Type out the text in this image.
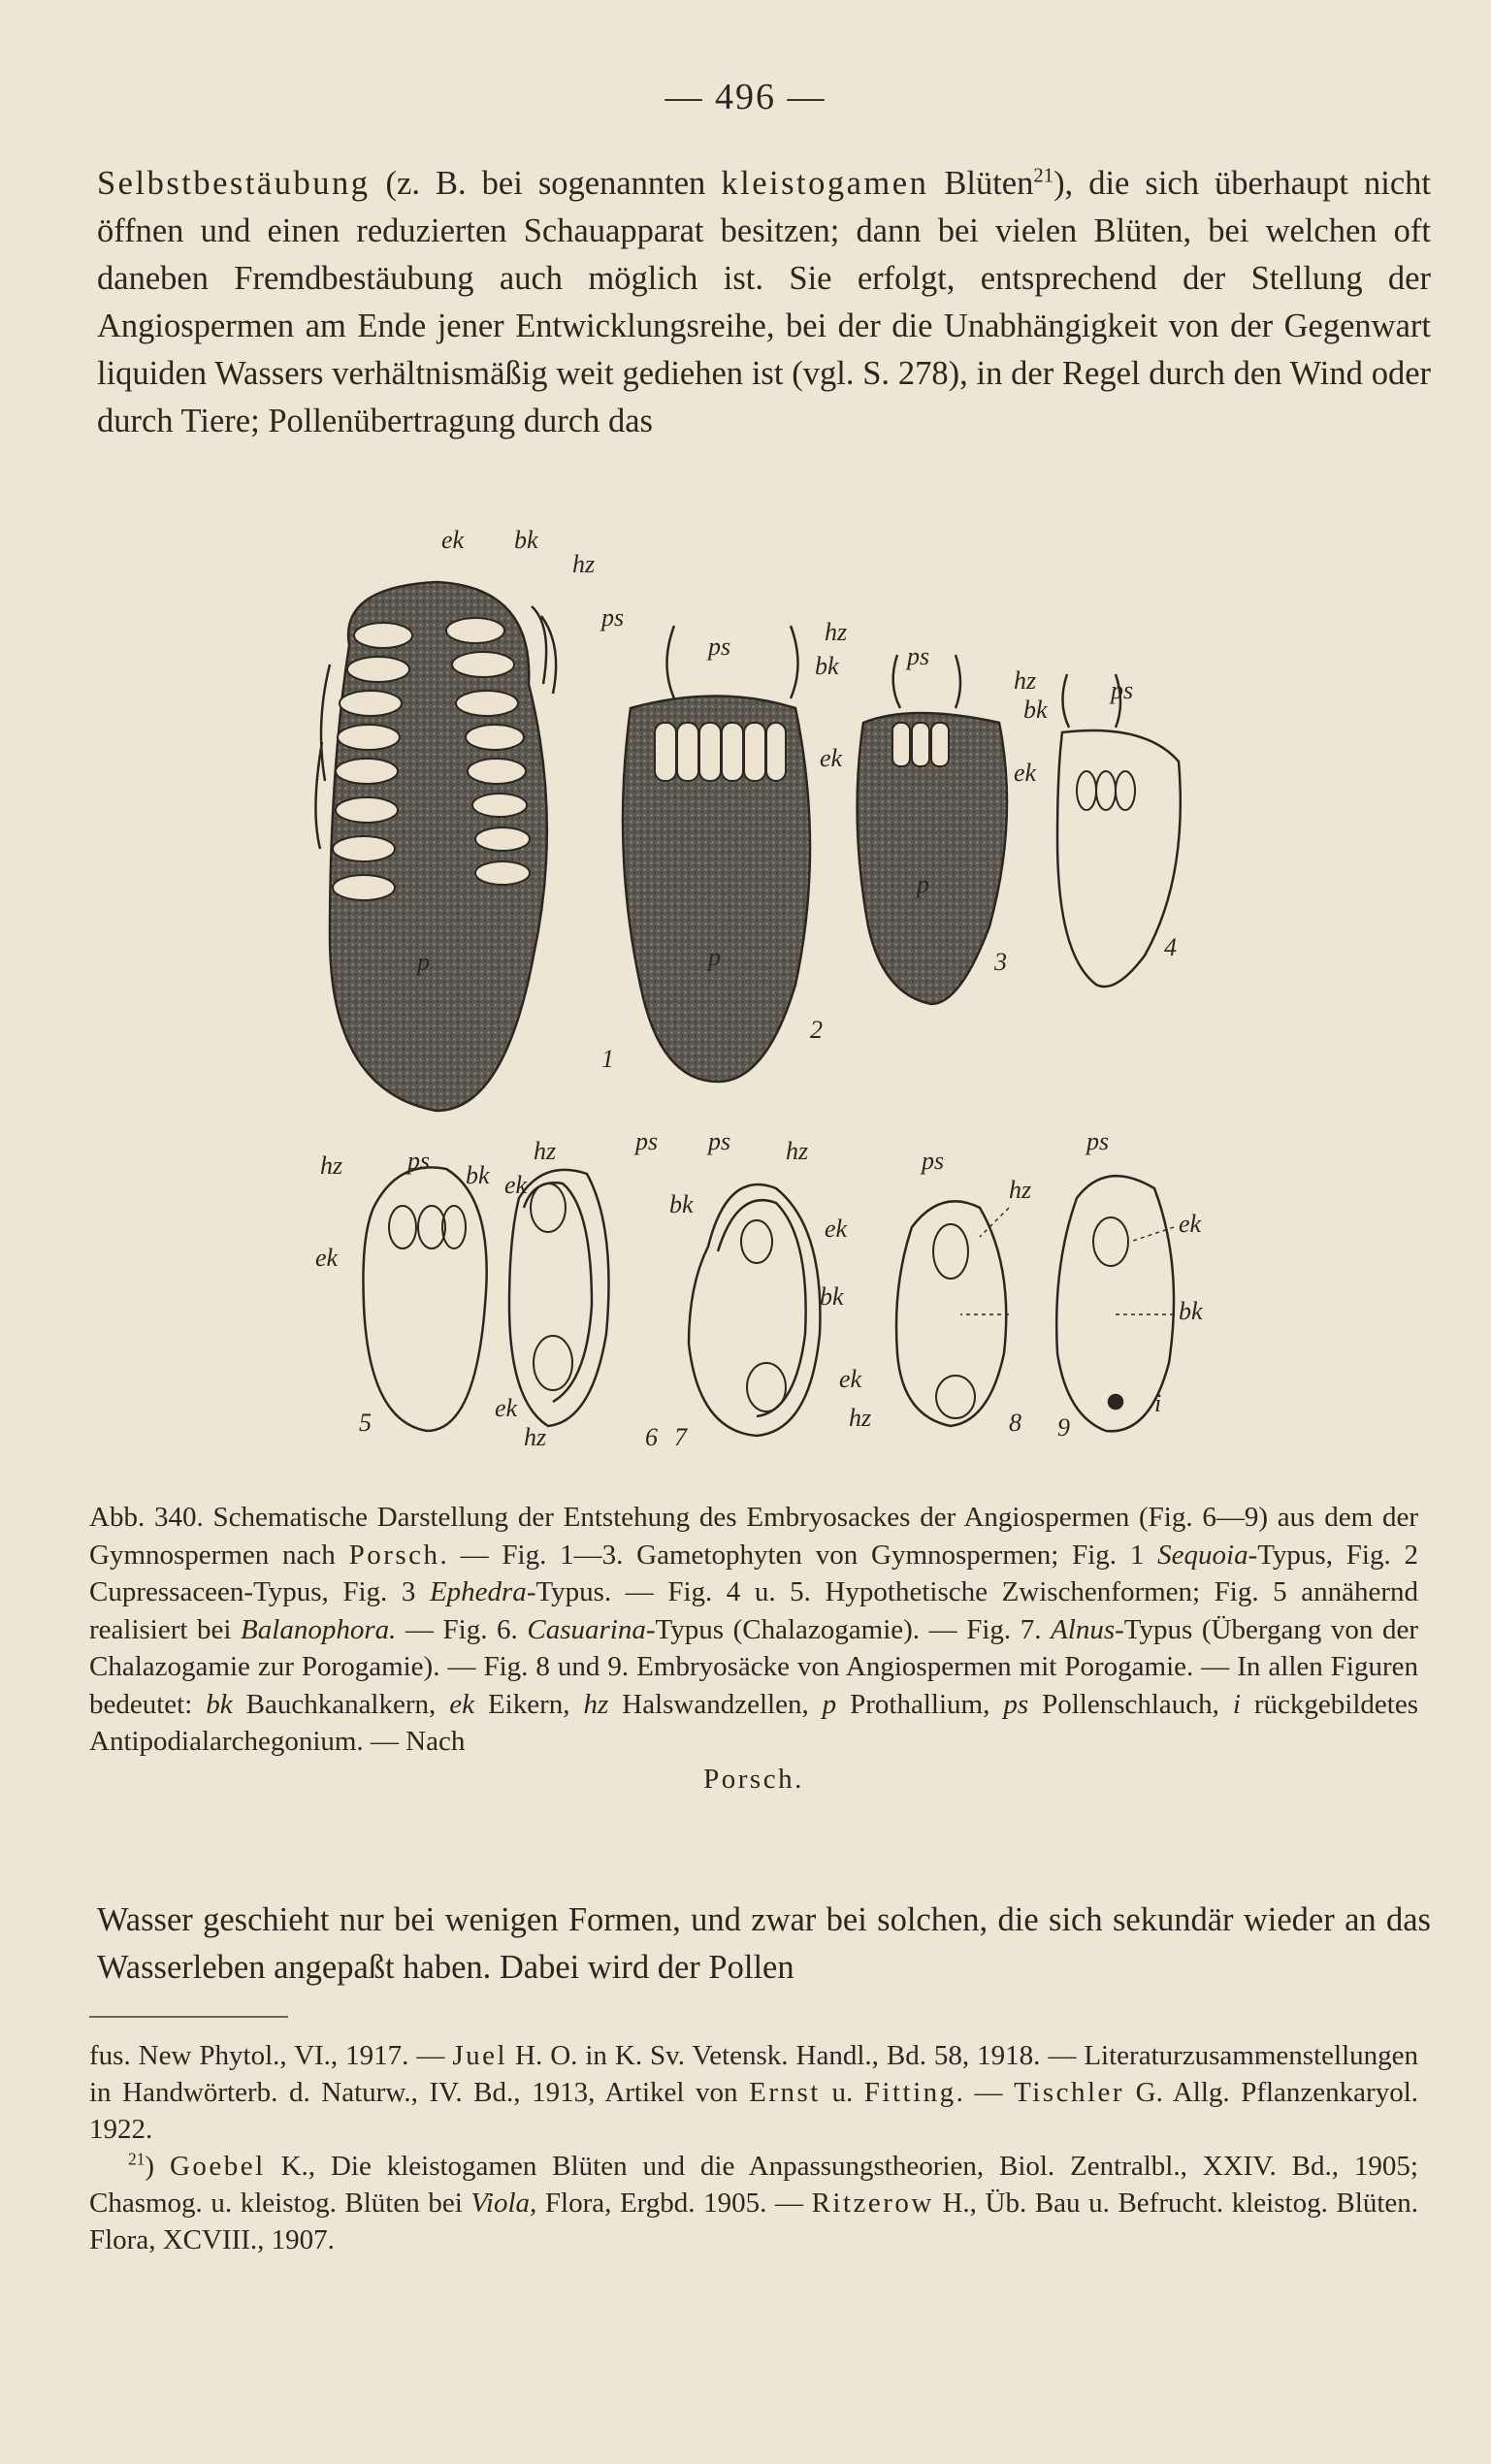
— 496 —

Selbstbestäubung (z. B. bei sogenannten kleistogamen Blüten$^{21}$), die sich überhaupt nicht öffnen und einen reduzierten Schauapparat besitzen; dann bei vielen Blüten, bei welchen oft daneben Fremdbestäubung auch möglich ist. Sie erfolgt, entsprechend der Stellung der Angiospermen am Ende jener Entwicklungsreihe, bei der die Unabhängigkeit von der Gegenwart liquiden Wassers verhältnismäßig weit gediehen ist (vgl. S. 278), in der Regel durch den Wind oder durch Tiere; Pollenübertragung durch das

ek bk
hz
ps
p
1
ps
hz
bk
ek
p
2
ps
hz
bk
ek
p
3
ps
4
hz	ps
bk
ek
5
hz
ek
ps
bk
ek
hz	6
ps hz
7
ps
hz
ek
bk
ek
hz	8
ps
ek
bk
i
9

Abb. 340. Schematische Darstellung der Entstehung des Embryosackes der Angiospermen (Fig. 6—9) aus dem der Gymnospermen nach Porsch. — Fig. 1—3. Gametophyten von Gymnospermen; Fig. 1 Sequoia-Typus, Fig. 2 Cupressaceen-Typus, Fig. 3 Ephedra-Typus. — Fig. 4 u. 5. Hypothetische Zwischenformen; Fig. 5 annähernd realisiert bei Balanophora. — Fig. 6. Casuarina-Typus (Chalazogamie). — Fig. 7. Alnus-Typus (Übergang von der Chalazogamie zur Porogamie). — Fig. 8 und 9. Embryosäcke von Angiospermen mit Porogamie. — In allen Figuren bedeutet: bk Bauchkanalkern, ek Eikern, hz Halswandzellen, p Prothallium, ps Pollenschlauch, i rückgebildetes Antipodialarchegonium. — Nach

Porsch.

Wasser geschieht nur bei wenigen Formen, und zwar bei solchen, die sich sekundär wieder an das Wasserleben angepaßt haben. Dabei wird der Pollen

fus. New Phytol., VI., 1917. — Juel H. O. in K. Sv. Vetensk. Handl., Bd. 58, 1918. — Literaturzusammenstellungen in Handwörterb. d. Naturw., IV. Bd., 1913, Artikel von Ernst u. Fitting. — Tischler G. Allg. Pflanzenkaryol. 1922.

$^{21}$) Goebel K., Die kleistogamen Blüten und die Anpassungstheorien, Biol. Zentralbl., XXIV. Bd., 1905; Chasmog. u. kleistog. Blüten bei Viola, Flora, Ergbd. 1905. — Ritzerow H., Üb. Bau u. Befrucht. kleistog. Blüten. Flora, XCVIII., 1907.
